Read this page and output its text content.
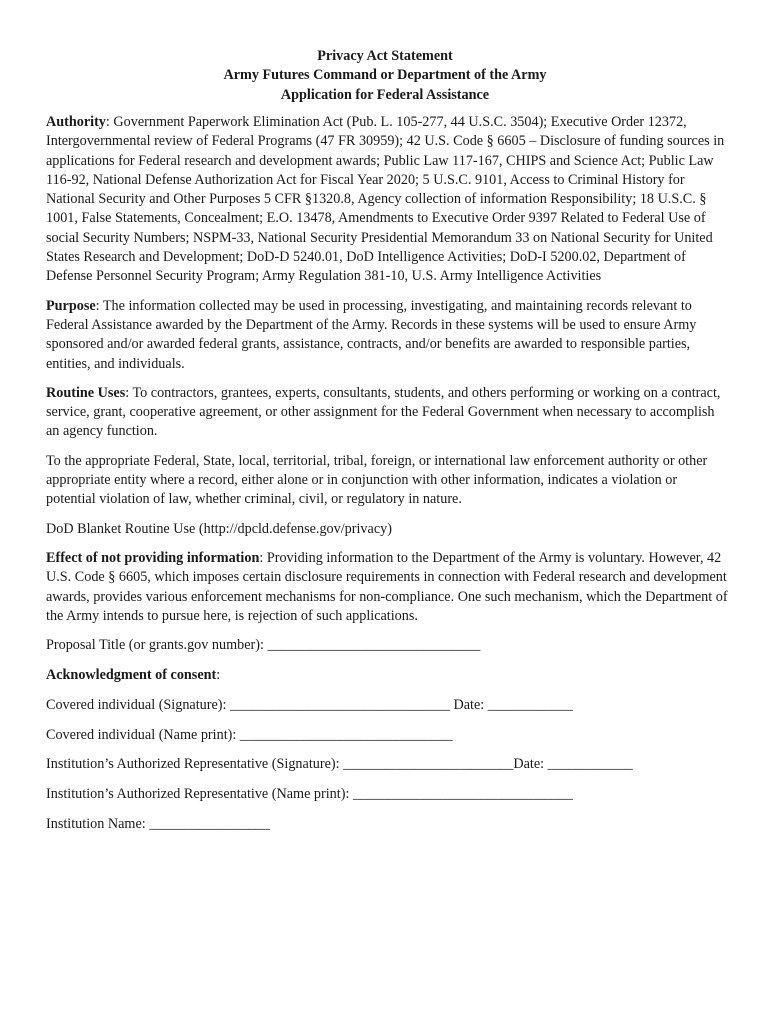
Privacy Act Statement
Army Futures Command or Department of the Army
Application for Federal Assistance

Authority: Government Paperwork Elimination Act (Pub. L. 105-277, 44 U.S.C. 3504); Executive Order 12372, Intergovernmental review of Federal Programs (47 FR 30959); 42 U.S. Code § 6605 – Disclosure of funding sources in applications for Federal research and development awards; Public Law 117-167, CHIPS and Science Act; Public Law 116-92, National Defense Authorization Act for Fiscal Year 2020; 5 U.S.C. 9101, Access to Criminal History for National Security and Other Purposes 5 CFR §1320.8, Agency collection of information Responsibility; 18 U.S.C. § 1001, False Statements, Concealment; E.O. 13478, Amendments to Executive Order 9397 Related to Federal Use of social Security Numbers; NSPM-33, National Security Presidential Memorandum 33 on National Security for United States Research and Development; DoD-D 5240.01, DoD Intelligence Activities; DoD-I 5200.02, Department of Defense Personnel Security Program; Army Regulation 381-10, U.S. Army Intelligence Activities

Purpose: The information collected may be used in processing, investigating, and maintaining records relevant to Federal Assistance awarded by the Department of the Army. Records in these systems will be used to ensure Army sponsored and/or awarded federal grants, assistance, contracts, and/or benefits are awarded to responsible parties, entities, and individuals.

Routine Uses: To contractors, grantees, experts, consultants, students, and others performing or working on a contract, service, grant, cooperative agreement, or other assignment for the Federal Government when necessary to accomplish an agency function.

To the appropriate Federal, State, local, territorial, tribal, foreign, or international law enforcement authority or other appropriate entity where a record, either alone or in conjunction with other information, indicates a violation or potential violation of law, whether criminal, civil, or regulatory in nature.

DoD Blanket Routine Use (http://dpcld.defense.gov/privacy)

Effect of not providing information: Providing information to the Department of the Army is voluntary. However, 42 U.S. Code § 6605, which imposes certain disclosure requirements in connection with Federal research and development awards, provides various enforcement mechanisms for non-compliance. One such mechanism, which the Department of the Army intends to pursue here, is rejection of such applications.

Proposal Title (or grants.gov number): ______________________________
Acknowledgment of consent:
Covered individual (Signature): _______________________________ Date: ____________
Covered individual (Name print): ______________________________
Institution’s Authorized Representative (Signature): ________________________Date: ____________
Institution’s Authorized Representative (Name print): _______________________________
Institution Name: _________________
